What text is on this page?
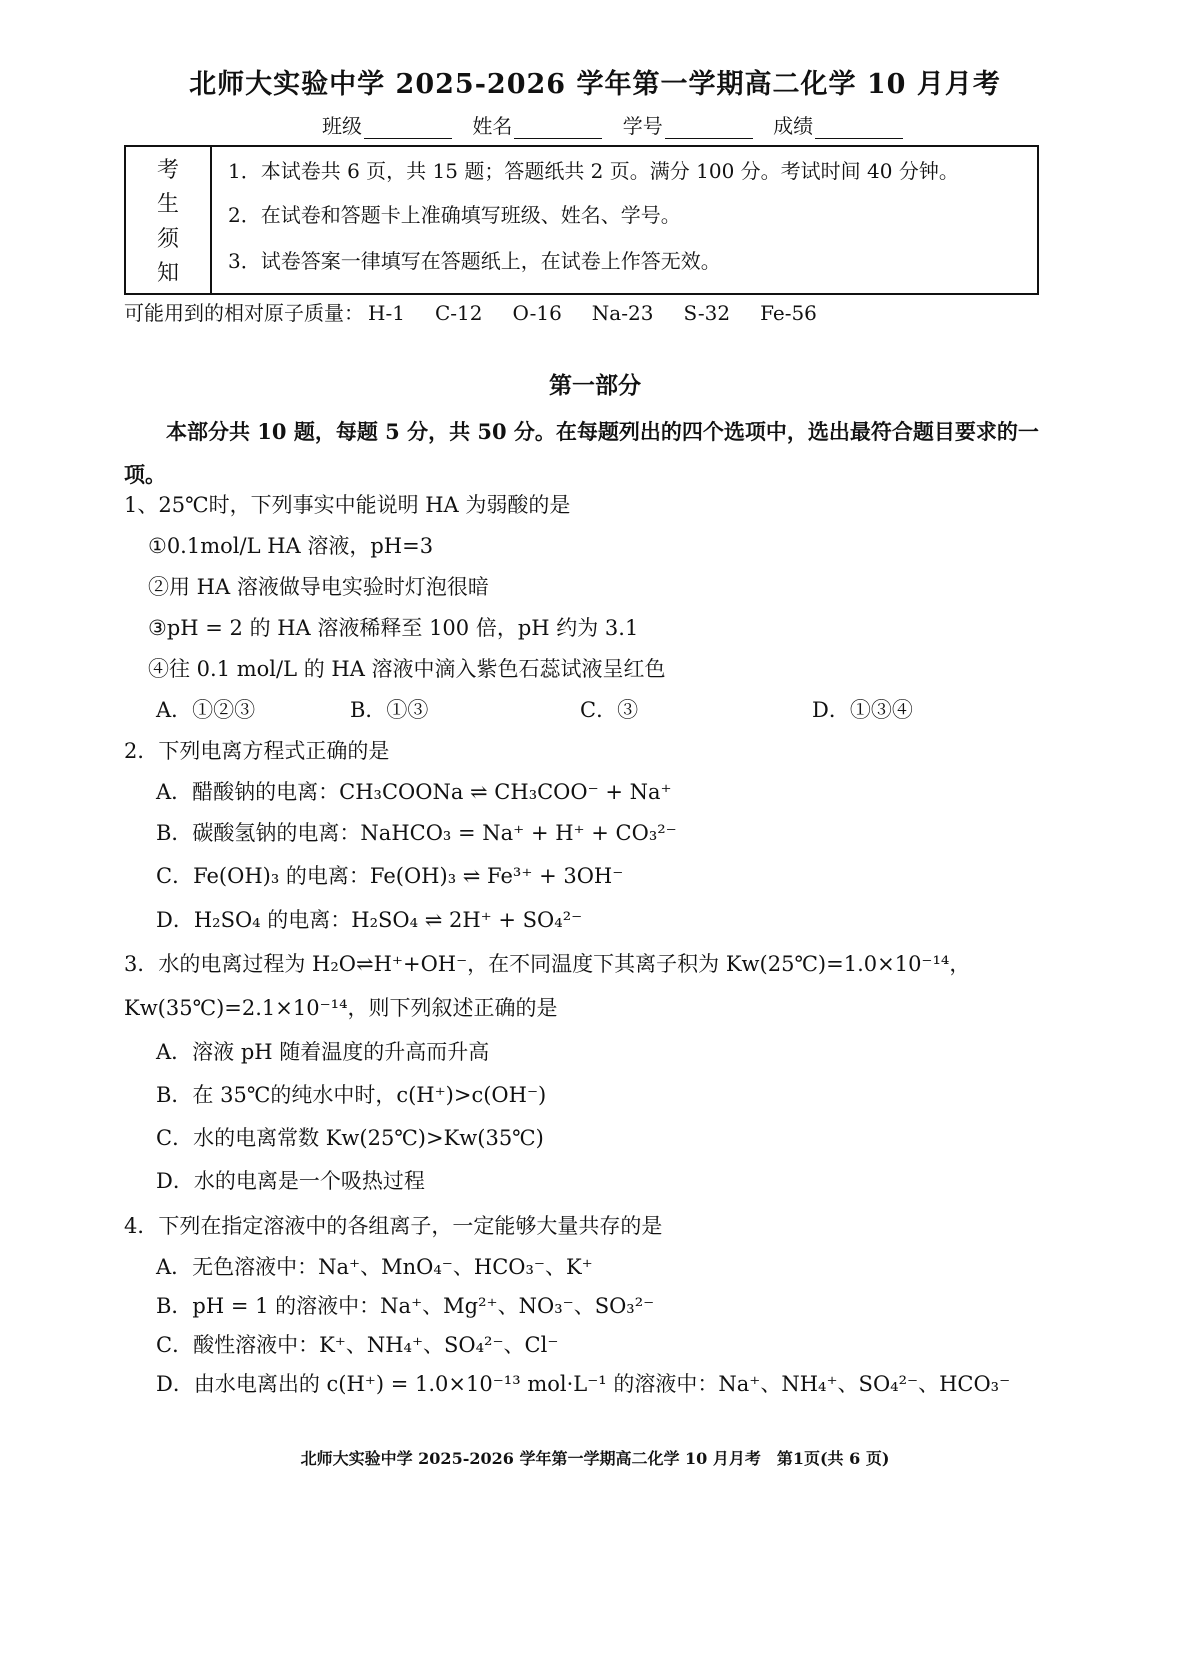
北师大实验中学 2025-2026 学年第一学期高二化学 10 月月考
班级	姓名	学号	成绩
考
生
须
知
1．本试卷共 6 页，共 15 题；答题纸共 2 页。满分 100 分。考试时间 40 分钟。
2．在试卷和答题卡上准确填写班级、姓名、学号。
3．试卷答案一律填写在答题纸上，在试卷上作答无效。
可能用到的相对原子质量： H-1 C-12 O-16 Na-23 S-32 Fe-56
第一部分
本部分共 10 题，每题 5 分，共 50 分。在每题列出的四个选项中，选出最符合题目要求的一项。
1、25℃时，下列事实中能说明 HA 为弱酸的是
①0.1mol/L HA 溶液，pH=3
②用 HA 溶液做导电实验时灯泡很暗
③pH = 2 的 HA 溶液稀释至 100 倍，pH 约为 3.1
④往 0.1 mol/L 的 HA 溶液中滴入紫色石蕊试液呈红色
A．①②③	B．①③	C．③	D．①③④
2．下列电离方程式正确的是
A．醋酸钠的电离：CH₃COONa ⇌ CH₃COO⁻ + Na⁺
B．碳酸氢钠的电离：NaHCO₃ = Na⁺ + H⁺ + CO₃²⁻
C．Fe(OH)₃ 的电离：Fe(OH)₃ ⇌ Fe³⁺ + 3OH⁻
D．H₂SO₄ 的电离：H₂SO₄ ⇌ 2H⁺ + SO₄²⁻
3．水的电离过程为 H₂O⇌H⁺+OH⁻，在不同温度下其离子积为 Kw(25℃)=1.0×10⁻¹⁴，
Kw(35℃)=2.1×10⁻¹⁴，则下列叙述正确的是
A．溶液 pH 随着温度的升高而升高
B．在 35℃的纯水中时，c(H⁺)>c(OH⁻)
C．水的电离常数 Kw(25℃)>Kw(35℃)
D．水的电离是一个吸热过程
4．下列在指定溶液中的各组离子，一定能够大量共存的是
A．无色溶液中：Na⁺、MnO₄⁻、HCO₃⁻、K⁺
B．pH = 1 的溶液中：Na⁺、Mg²⁺、NO₃⁻、SO₃²⁻
C．酸性溶液中：K⁺、NH₄⁺、SO₄²⁻、Cl⁻
D．由水电离出的 c(H⁺) = 1.0×10⁻¹³ mol·L⁻¹ 的溶液中：Na⁺、NH₄⁺、SO₄²⁻、HCO₃⁻
北师大实验中学 2025-2026 学年第一学期高二化学 10 月月考　第1页(共 6 页)
